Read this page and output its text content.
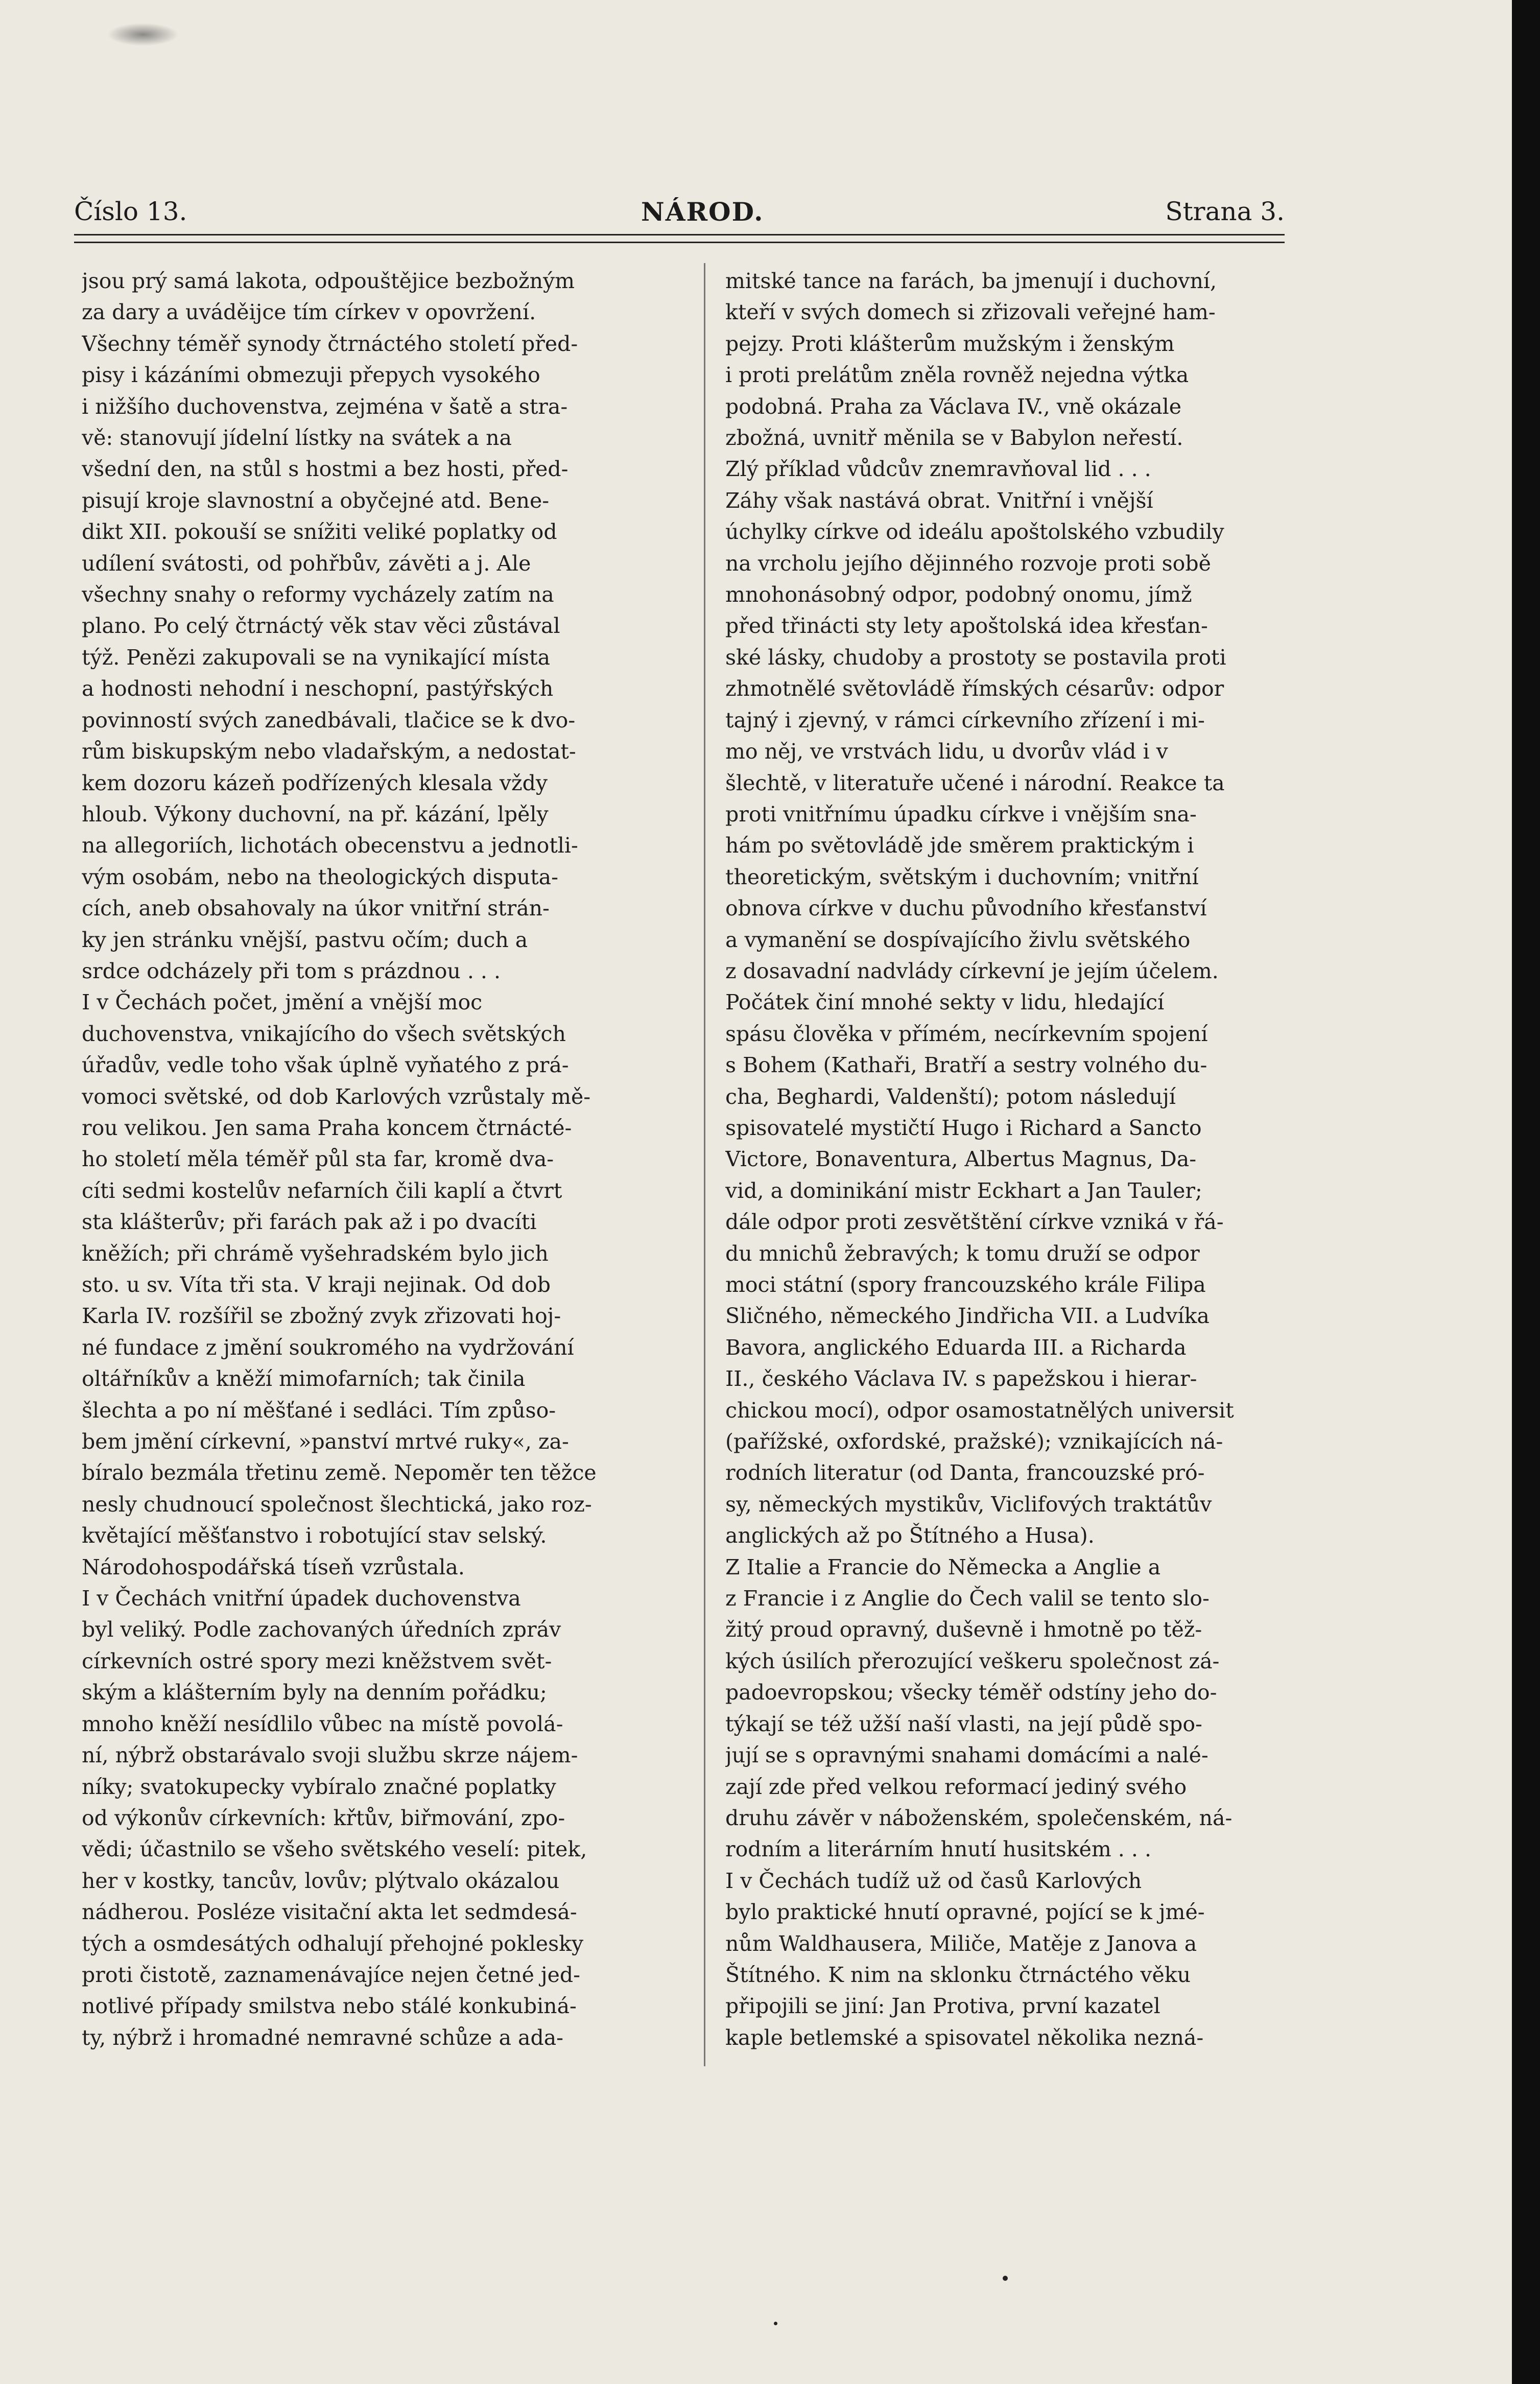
Číslo 13.	NÁROD.	Strana 3.
jsou prý samá lakota, odpouštějice bezbožným
za dary a uváděijce tím církev v opovržení.
Všechny téměř synody čtrnáctého století před-
pisy i kázáními obmezuji přepych vysokého
i nižšího duchovenstva, zejména v šatě a stra-
vě: stanovují jídelní lístky na svátek a na
všední den, na stůl s hostmi a bez hosti, před-
pisují kroje slavnostní a obyčejné atd. Bene-
dikt XII. pokouší se snížiti veliké poplatky od
udílení svátosti, od pohřbův, závěti a j. Ale
všechny snahy o reformy vycházely zatím na
plano. Po celý čtrnáctý věk stav věci zůstával
týž. Penězi zakupovali se na vynikající místa
a hodnosti nehodní i neschopní, pastýřských
povinností svých zanedbávali, tlačice se k dvo-
rům biskupským nebo vladařským, a nedostat-
kem dozoru kázeň podřízených klesala vždy
hloub. Výkony duchovní, na př. kázání, lpěly
na allegoriích, lichotách obecenstvu a jednotli-
vým osobám, nebo na theologických disputa-
cích, aneb obsahovaly na úkor vnitřní strán-
ky jen stránku vnější, pastvu očím; duch a
srdce odcházely při tom s prázdnou . . .
I v Čechách počet, jmění a vnější moc
duchovenstva, vnikajícího do všech světských
úřadův, vedle toho však úplně vyňatého z prá-
vomoci světské, od dob Karlových vzrůstaly mě-
rou velikou. Jen sama Praha koncem čtrnácté-
ho století měla téměř půl sta far, kromě dva-
cíti sedmi kostelův nefarních čili kaplí a čtvrt
sta klášterův; při farách pak až i po dvacíti
kněžích; při chrámě vyšehradském bylo jich
sto. u sv. Víta tři sta. V kraji nejinak. Od dob
Karla IV. rozšířil se zbožný zvyk zřizovati hoj-
né fundace z jmění soukromého na vydržování
oltářníkův a kněží mimofarních; tak činila
šlechta a po ní měšťané i sedláci. Tím způso-
bem jmění církevní, »panství mrtvé ruky«, za-
bíralo bezmála třetinu země. Nepoměr ten těžce
nesly chudnoucí společnost šlechtická, jako roz-
květající měšťanstvo i robotující stav selský.
Národohospodářská tíseň vzrůstala.
I v Čechách vnitřní úpadek duchovenstva
byl veliký. Podle zachovaných úředních zpráv
církevních ostré spory mezi kněžstvem svět-
ským a klášterním byly na denním pořádku;
mnoho kněží nesídlilo vůbec na místě povolá-
ní, nýbrž obstarávalo svoji službu skrze nájem-
níky; svatokupecky vybíralo značné poplatky
od výkonův církevních: křtův, biřmování, zpo-
vědi; účastnilo se všeho světského veselí: pitek,
her v kostky, tancův, lovův; plýtvalo okázalou
nádherou. Posléze visitační akta let sedmdesá-
tých a osmdesátých odhalují přehojné poklesky
proti čistotě, zaznamenávajíce nejen četné jed-
notlivé případy smilstva nebo stálé konkubiná-
ty, nýbrž i hromadné nemravné schůze a ada-
mitské tance na farách, ba jmenují i duchovní,
kteří v svých domech si zřizovali veřejné ham-
pejzy. Proti klášterům mužským i ženským
i proti prelátům zněla rovněž nejedna výtka
podobná. Praha za Václava IV., vně okázale
zbožná, uvnitř měnila se v Babylon neřestí.
Zlý příklad vůdcův znemravňoval lid . . .
Záhy však nastává obrat. Vnitřní i vnější
úchylky církve od ideálu apoštolského vzbudily
na vrcholu jejího dějinného rozvoje proti sobě
mnohonásobný odpor, podobný onomu, jímž
před třinácti sty lety apoštolská idea křesťan-
ské lásky, chudoby a prostoty se postavila proti
zhmotnělé světovládě římských césarův: odpor
tajný i zjevný, v rámci církevního zřízení i mi-
mo něj, ve vrstvách lidu, u dvorův vlád i v
šlechtě, v literatuře učené i národní. Reakce ta
proti vnitřnímu úpadku církve i vnějším sna-
hám po světovládě jde směrem praktickým i
theoretickým, světským i duchovním; vnitřní
obnova církve v duchu původního křesťanství
a vymanění se dospívajícího živlu světského
z dosavadní nadvlády církevní je jejím účelem.
Počátek činí mnohé sekty v lidu, hledající
spásu člověka v přímém, necírkevním spojení
s Bohem (Kathaři, Bratří a sestry volného du-
cha, Beghardi, Valdenští); potom následují
spisovatelé mystičtí Hugo i Richard a Sancto
Victore, Bonaventura, Albertus Magnus, Da-
vid, a dominikání mistr Eckhart a Jan Tauler;
dále odpor proti zesvětštění církve vzniká v řá-
du mnichů žebravých; k tomu druží se odpor
moci státní (spory francouzského krále Filipa
Sličného, německého Jindřicha VII. a Ludvíka
Bavora, anglického Eduarda III. a Richarda
II., českého Václava IV. s papežskou i hierar-
chickou mocí), odpor osamostatnělých universit
(pařížské, oxfordské, pražské); vznikajících ná-
rodních literatur (od Danta, francouzské pró-
sy, německých mystikův, Viclifových traktátův
anglických až po Štítného a Husa).
Z Italie a Francie do Německa a Anglie a
z Francie i z Anglie do Čech valil se tento slo-
žitý proud opravný, duševně i hmotně po těž-
kých úsilích přerozující veškeru společnost zá-
padoevropskou; všecky téměř odstíny jeho do-
týkají se též užší naší vlasti, na její půdě spo-
jují se s opravnými snahami domácími a nalé-
zají zde před velkou reformací jediný svého
druhu závěr v náboženském, společenském, ná-
rodním a literárním hnutí husitském . . .
I v Čechách tudíž už od časů Karlových
bylo praktické hnutí opravné, pojící se k jmé-
nům Waldhausera, Miliče, Matěje z Janova a
Štítného. K nim na sklonku čtrnáctého věku
připojili se jiní: Jan Protiva, první kazatel
kaple betlemské a spisovatel několika nezná-
